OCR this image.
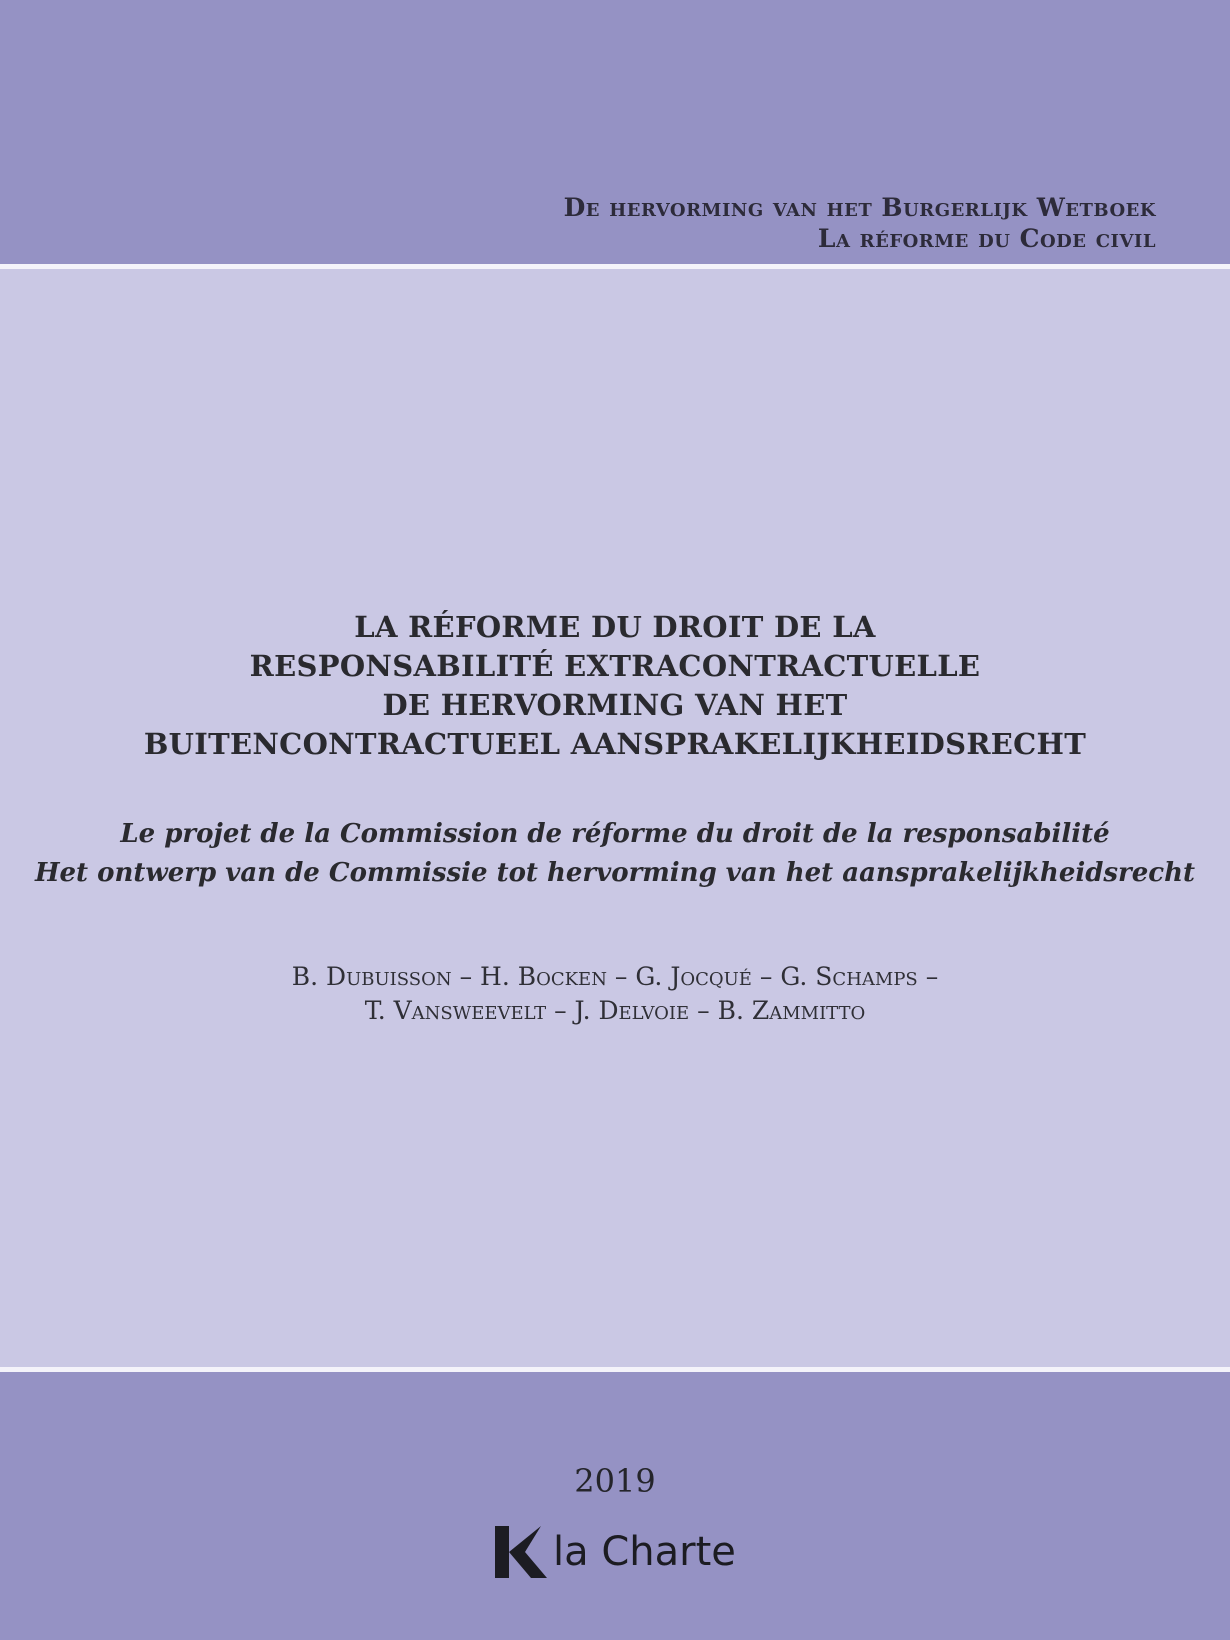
De hervorming van het Burgerlijk Wetboek
La réforme du Code civil
LA RÉFORME DU DROIT DE LA
RESPONSABILITÉ EXTRACONTRACTUELLE
DE HERVORMING VAN HET
BUITENCONTRACTUEEL AANSPRAKELIJKHEIDSRECHT
Le projet de la Commission de réforme du droit de la responsabilité
Het ontwerp van de Commissie tot hervorming van het aansprakelijkheidsrecht
B. Dubuisson – H. Bocken – G. Jocqué – G. Schamps –
T. Vansweevelt – J. Delvoie – B. Zammitto
2019
la Charte
